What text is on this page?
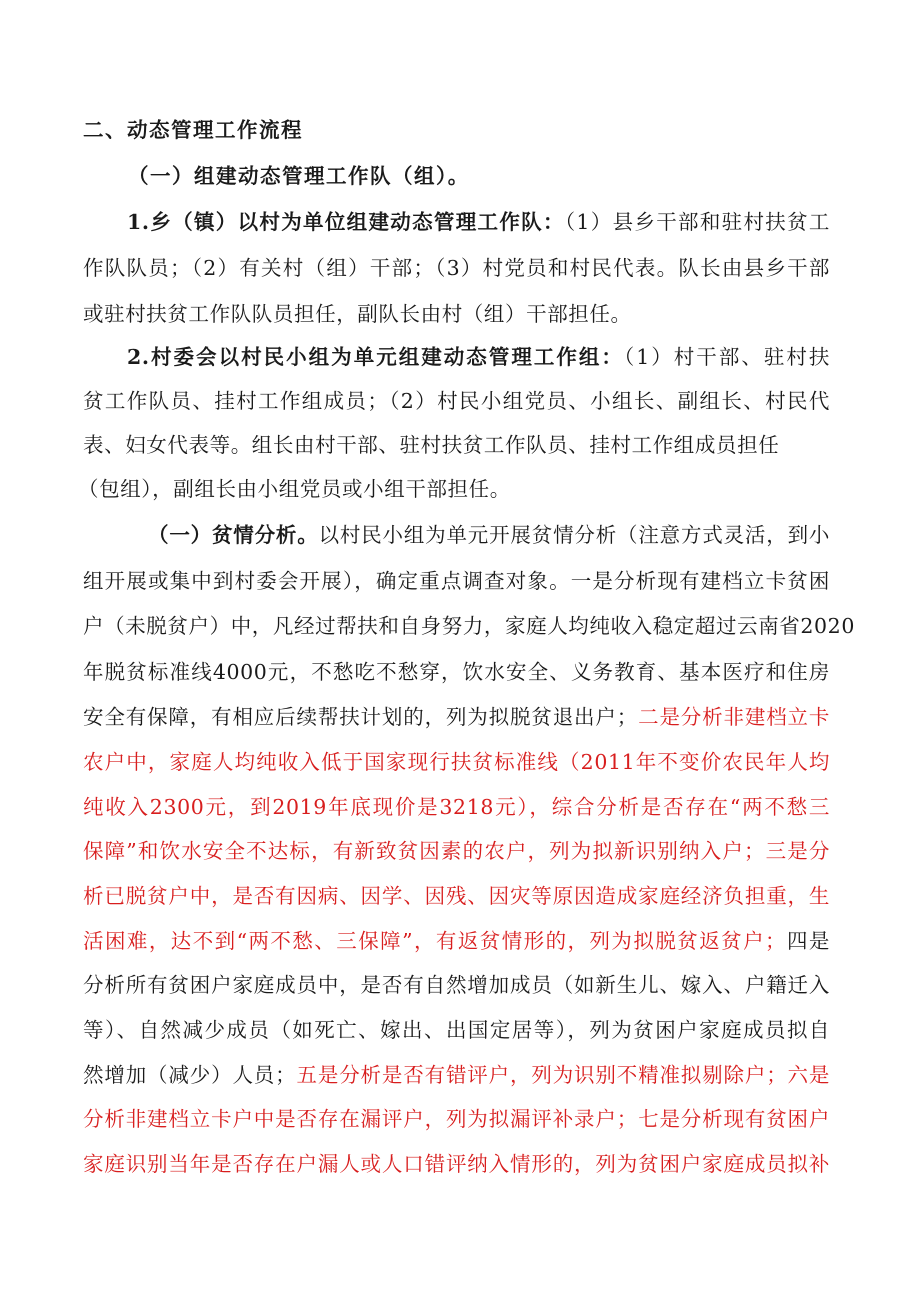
二、动态管理工作流程
（一）组建动态管理工作队（组）。
1.乡（镇）以村为单位组建动态管理工作队：（1）县乡干部和驻村扶贫工
作队队员；（2）有关村（组）干部；（3）村党员和村民代表。队长由县乡干部
或驻村扶贫工作队队员担任，副队长由村（组）干部担任。
2.村委会以村民小组为单元组建动态管理工作组：（1）村干部、驻村扶
贫工作队员、挂村工作组成员；（2）村民小组党员、小组长、副组长、村民代
表、妇女代表等。组长由村干部、驻村扶贫工作队员、挂村工作组成员担任
（包组），副组长由小组党员或小组干部担任。
（一）贫情分析。以村民小组为单元开展贫情分析（注意方式灵活，到小
组开展或集中到村委会开展），确定重点调查对象。一是分析现有建档立卡贫困
户（未脱贫户）中，凡经过帮扶和自身努力，家庭人均纯收入稳定超过云南省2020
年脱贫标准线4000元，不愁吃不愁穿，饮水安全、义务教育、基本医疗和住房
安全有保障，有相应后续帮扶计划的，列为拟脱贫退出户；二是分析非建档立卡
农户中，家庭人均纯收入低于国家现行扶贫标准线（2011年不变价农民年人均
纯收入2300元，到2019年底现价是3218元），综合分析是否存在“两不愁三
保障”和饮水安全不达标，有新致贫因素的农户，列为拟新识别纳入户；三是分
析已脱贫户中，是否有因病、因学、因残、因灾等原因造成家庭经济负担重，生
活困难，达不到“两不愁、三保障”，有返贫情形的，列为拟脱贫返贫户；四是
分析所有贫困户家庭成员中，是否有自然增加成员（如新生儿、嫁入、户籍迁入
等）、自然减少成员（如死亡、嫁出、出国定居等），列为贫困户家庭成员拟自
然增加（减少）人员；五是分析是否有错评户，列为识别不精准拟剔除户；六是
分析非建档立卡户中是否存在漏评户，列为拟漏评补录户；七是分析现有贫困户
家庭识别当年是否存在户漏人或人口错评纳入情形的，列为贫困户家庭成员拟补
